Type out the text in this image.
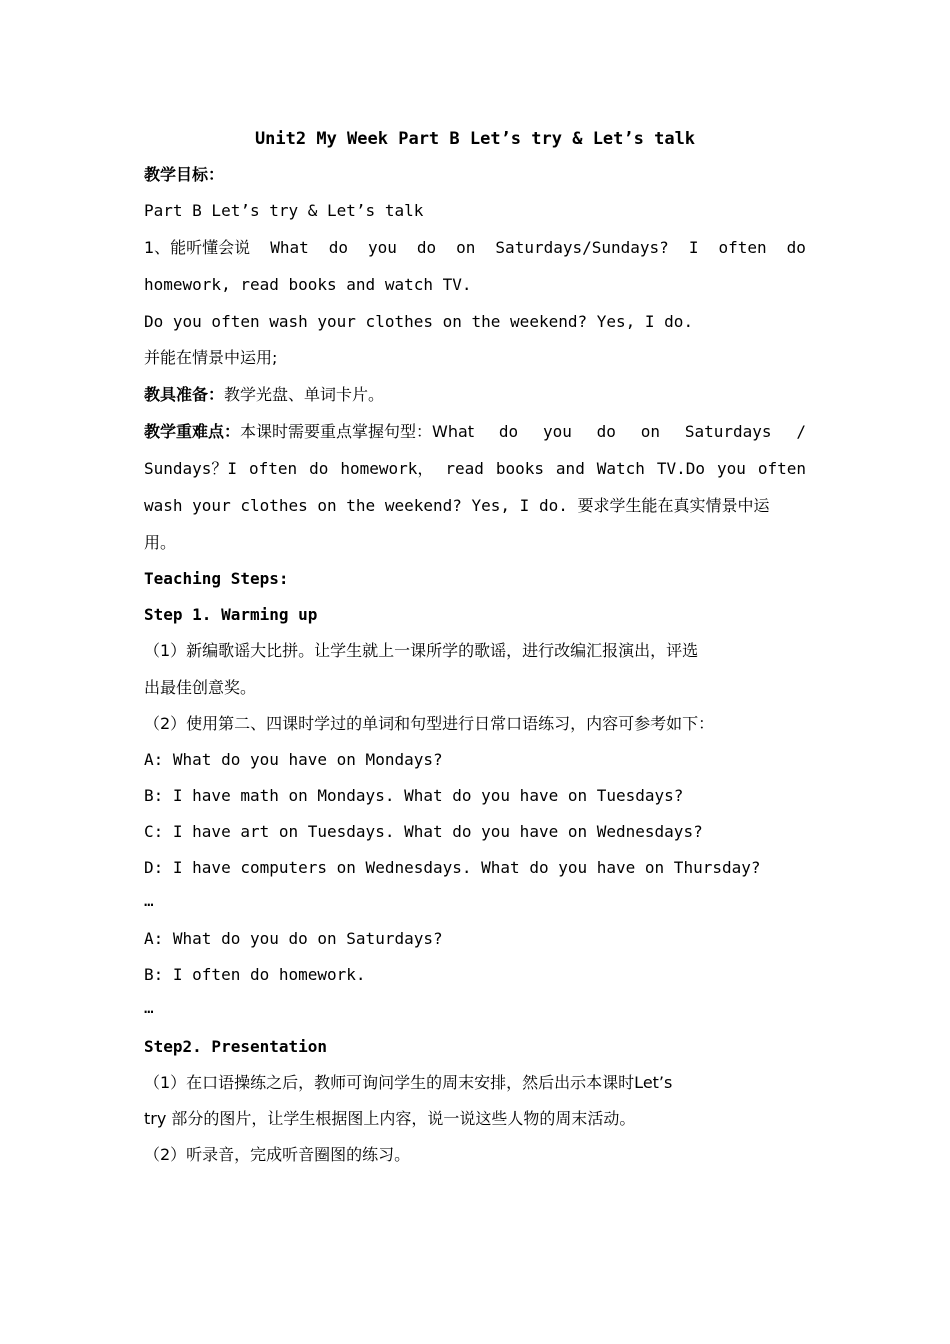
Unit2 My Week Part B Let’s try & Let’s talk
教学目标：
Part B Let’s try & Let’s talk
1、能听懂会说 What do you do on Saturdays/Sundays? I often do
homework, read books and watch TV.
Do you often wash your clothes on the weekend? Yes, I do.
并能在情景中运用;
教具准备：教学光盘、单词卡片。
教学重难点：本课时需要重点掌握句型：What do you do on Saturdays /
Sundays？I often do homework， read books and Watch TV.Do you often
wash your clothes on the weekend? Yes, I do. 要求学生能在真实情景中运
用。
Teaching Steps:
Step 1. Warming up
（1）新编歌谣大比拼。让学生就上一课所学的歌谣，进行改编汇报演出，评选
出最佳创意奖。
（2）使用第二、四课时学过的单词和句型进行日常口语练习，内容可参考如下：
A: What do you have on Mondays?
B: I have math on Mondays. What do you have on Tuesdays?
C: I have art on Tuesdays. What do you have on Wednesdays?
D: I have computers on Wednesdays. What do you have on Thursday?
…
A: What do you do on Saturdays?
B: I often do homework.
…
Step2. Presentation
（1）在口语操练之后，教师可询问学生的周末安排，然后出示本课时Let’s
try 部分的图片，让学生根据图上内容，说一说这些人物的周末活动。
（2）听录音，完成听音圈图的练习。
